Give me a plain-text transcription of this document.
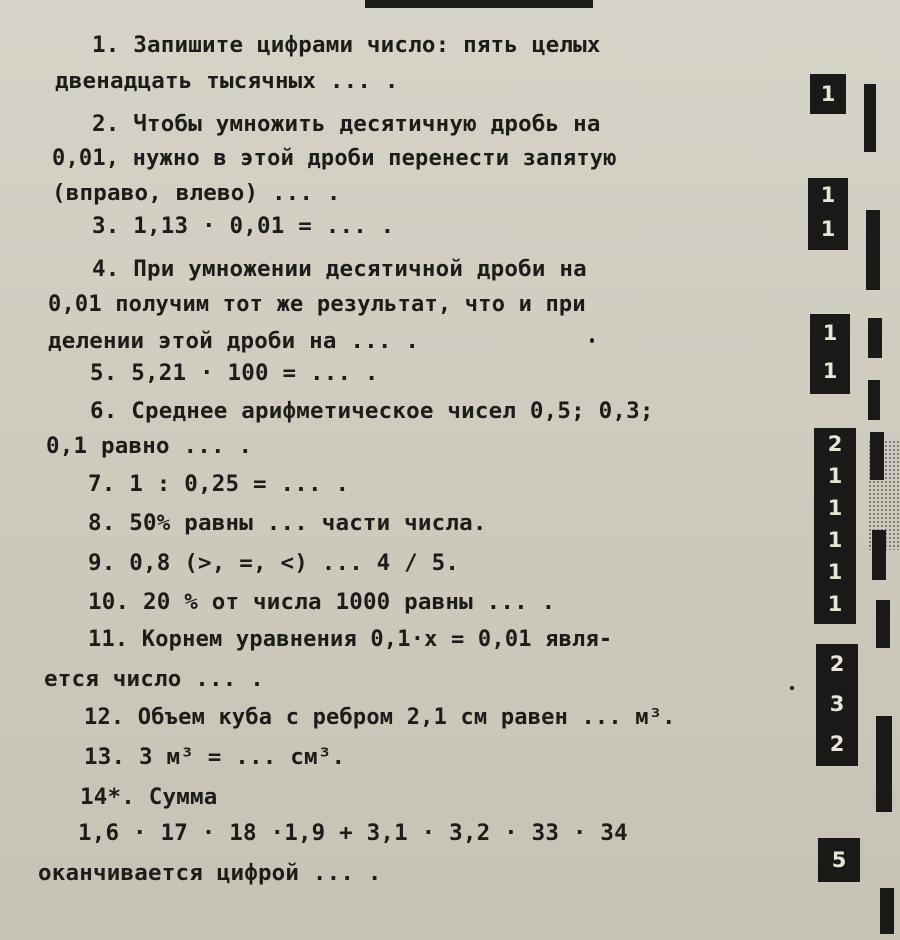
1. Запишите цифрами число: пять целых
двенадцать тысячных ... .
2. Чтобы умножить десятичную дробь на
0,01, нужно в этой дроби перенести запятую
(вправо, влево) ... .
3. 1,13 · 0,01 = ... .
4. При умножении десятичной дроби на
0,01 получим тот же результат, что и при
делении этой дроби на ... .
5. 5,21 · 100 = ... .
6. Среднее арифметическое чисел 0,5; 0,3;
0,1 равно ... .
7. 1 : 0,25 = ... .
8. 50% равны ... части числа.
9. 0,8 (>, =, <) ... 4 / 5.
10. 20 % от числа 1000 равны ... .
11. Корнем уравнения 0,1·x = 0,01 явля-
ется число ... .
12. Объем куба с ребром 2,1 см равен ... м³.
13. 3 м³ = ... см³.
14*. Сумма
1,6 · 17 · 18 ·1,9 + 3,1 · 3,2 · 33 · 34
оканчивается цифрой ... .
1
1
1
1
1
2
1
1
1
1
1
2
3
2
5
